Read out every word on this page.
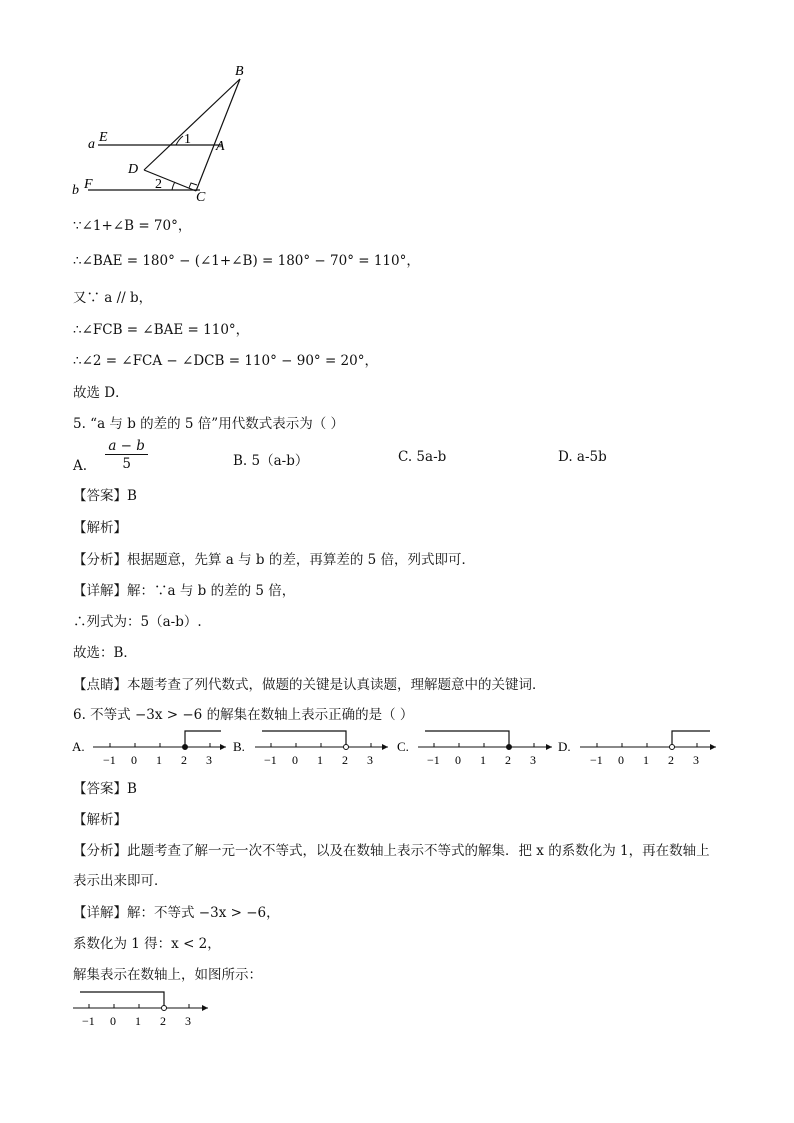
B
E	1 A
a
D
F	2
C
b
∵∠1+∠B = 70°，
∴∠BAE = 180° − (∠1+∠B) = 180° − 70° = 110°，
又∵ a // b，
∴∠FCB = ∠BAE = 110°，
∴∠2 = ∠FCA − ∠DCB = 110° − 90° = 20°，
故选 D．
5. “a 与 b 的差的 5 倍”用代数式表示为（ ）
A. $\frac{a - b}{5}$	B. 5（a-b）	C. 5a-b	D. a-5b
【答案】B
【解析】
【分析】根据题意，先算 a 与 b 的差，再算差的 5 倍，列式即可．
【详解】解：∵a 与 b 的差的 5 倍，
∴列式为：5（a-b）.
故选：B．
【点睛】本题考查了列代数式，做题的关键是认真读题，理解题意中的关键词．
6. 不等式 −3x > −6 的解集在数轴上表示正确的是（ ）
A.
−1 0 1 2 3
B.
−1 0 1 2 3
C.
−1 0 1 2 3
D.
−1 0 1 2 3
【答案】B
【解析】
【分析】此题考查了解一元一次不等式，以及在数轴上表示不等式的解集．把 x 的系数化为 1，再在数轴上
表示出来即可．
【详解】解：不等式 −3x > −6，
系数化为 1 得：x < 2，
解集表示在数轴上，如图所示：
−1 0 1 2 3
